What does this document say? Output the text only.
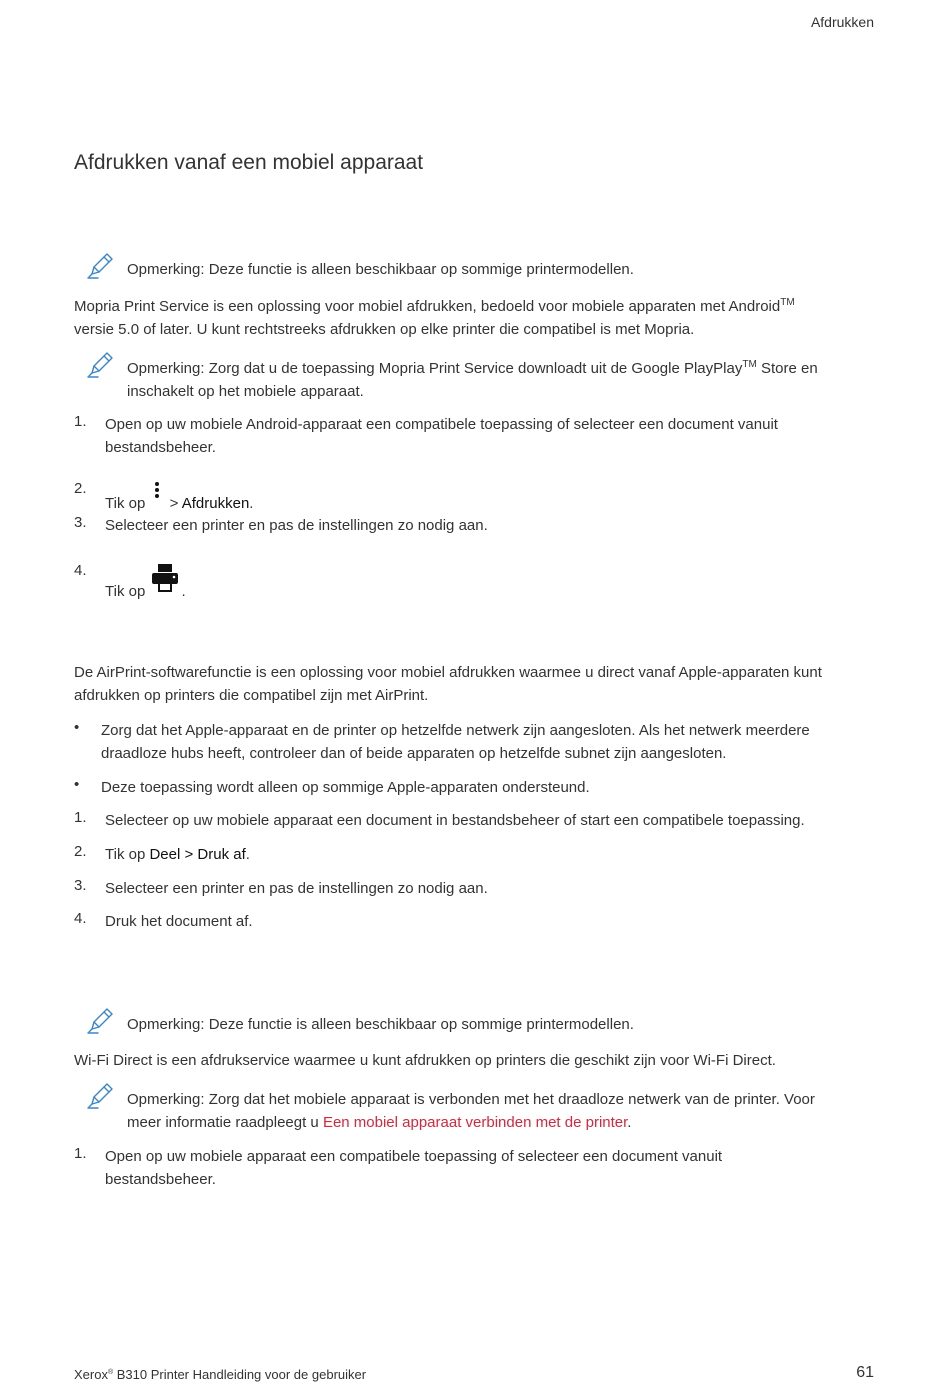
Afdrukken
Afdrukken vanaf een mobiel apparaat
Opmerking: Deze functie is alleen beschikbaar op sommige printermodellen.
Mopria Print Service is een oplossing voor mobiel afdrukken, bedoeld voor mobiele apparaten met Android™
versie 5.0 of later. U kunt rechtstreeks afdrukken op elke printer die compatibel is met Mopria.
Opmerking: Zorg dat u de toepassing Mopria Print Service downloadt uit de Google PlayPlay™ Store en
inschakelt op het mobiele apparaat.
1. Open op uw mobiele Android-apparaat een compatibele toepassing of selecteer een document vanuit bestandsbeheer.
2.
Tik op > Afdrukken.
3. Selecteer een printer en pas de instellingen zo nodig aan.
4.
Tik op .
De AirPrint-softwarefunctie is een oplossing voor mobiel afdrukken waarmee u direct vanaf Apple-apparaten kunt afdrukken op printers die compatibel zijn met AirPrint.
• Zorg dat het Apple-apparaat en de printer op hetzelfde netwerk zijn aangesloten. Als het netwerk meerdere draadloze hubs heeft, controleer dan of beide apparaten op hetzelfde subnet zijn aangesloten.
• Deze toepassing wordt alleen op sommige Apple-apparaten ondersteund.
1. Selecteer op uw mobiele apparaat een document in bestandsbeheer of start een compatibele toepassing.
2. Tik op Deel > Druk af.
3. Selecteer een printer en pas de instellingen zo nodig aan.
4. Druk het document af.
Opmerking: Deze functie is alleen beschikbaar op sommige printermodellen.
Wi-Fi Direct is een afdrukservice waarmee u kunt afdrukken op printers die geschikt zijn voor Wi-Fi Direct.
Opmerking: Zorg dat het mobiele apparaat is verbonden met het draadloze netwerk van de printer. Voor
meer informatie raadpleegt u Een mobiel apparaat verbinden met de printer.
1. Open op uw mobiele apparaat een compatibele toepassing of selecteer een document vanuit bestandsbeheer.
Xerox® B310 Printer Handleiding voor de gebruiker	61
